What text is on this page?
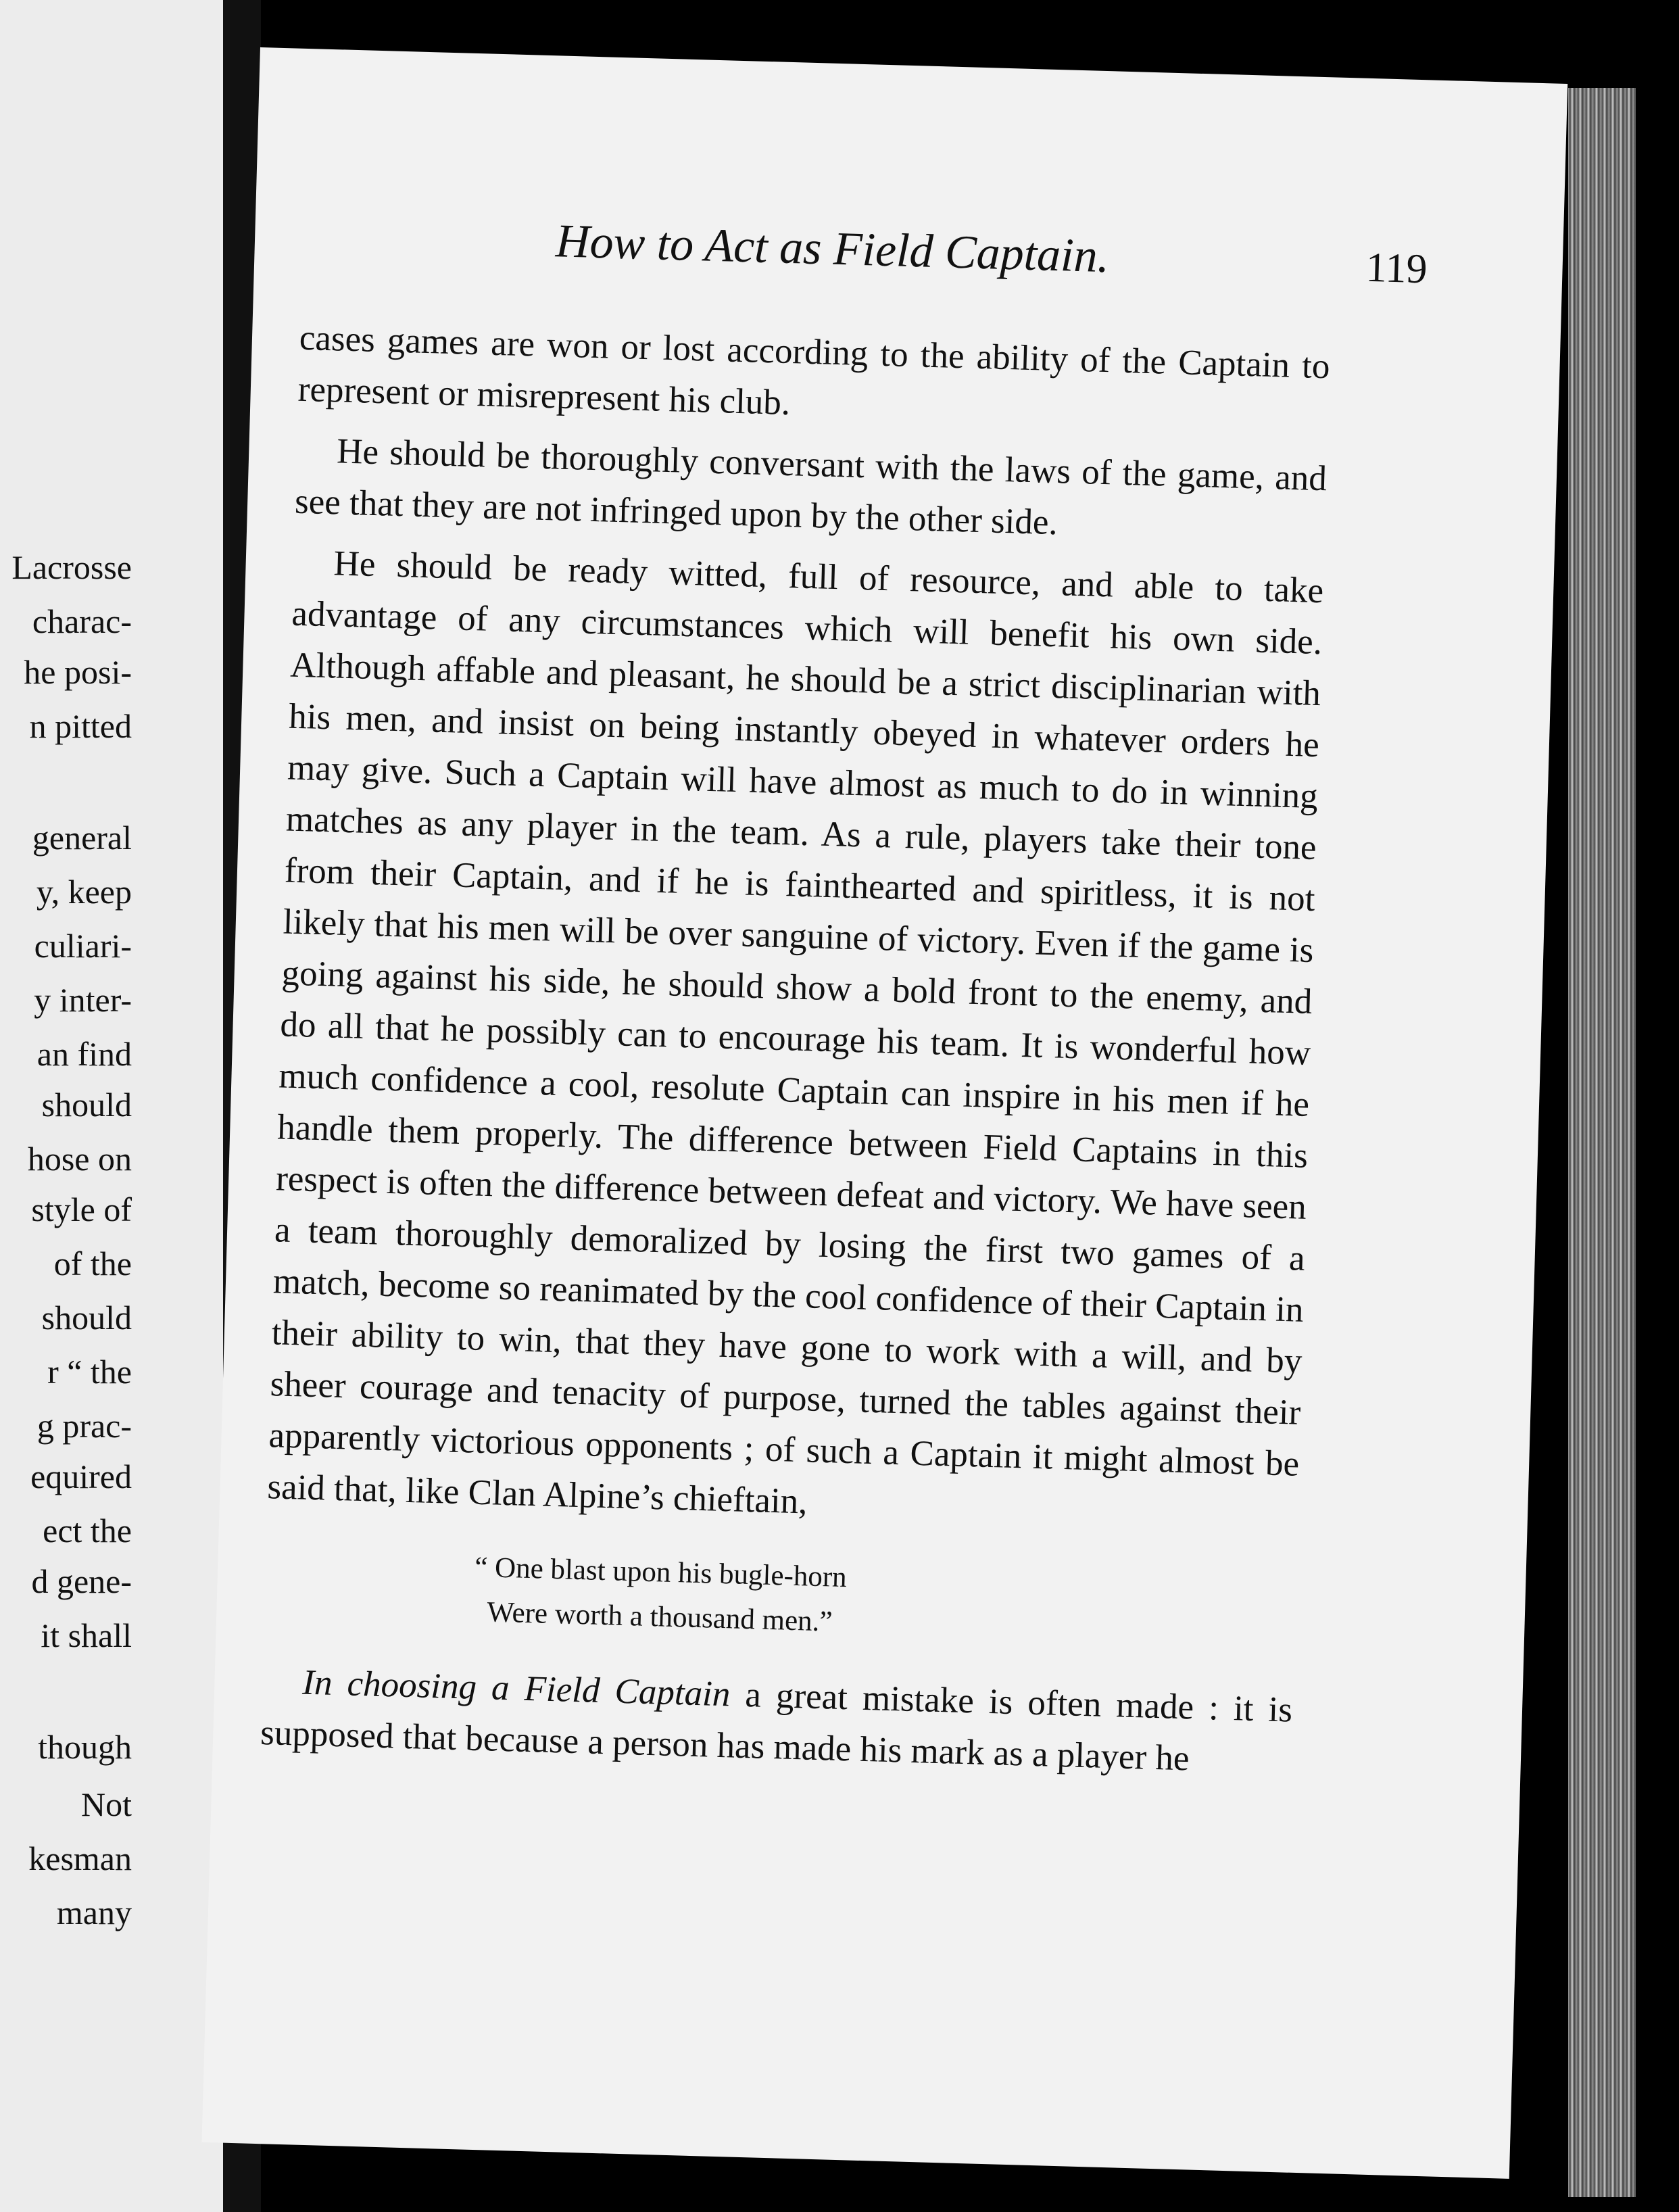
Lacrosse
charac-
he posi-
n pitted
general
y, keep
culiari-
y inter-
an find
should
hose on
style of
of the
should
r “ the
g prac-
equired
ect the
d gene-
it shall
though
Not
kesman
many
How to Act as Field Captain.	119

cases games are won or lost according to the ability of the Captain to represent or misrepresent his club.

He should be thoroughly conversant with the laws of the game, and see that they are not infringed upon by the other side.

He should be ready witted, full of resource, and able to take advantage of any circumstances which will benefit his own side. Although affable and pleasant, he should be a strict disciplinarian with his men, and insist on being instantly obeyed in whatever orders he may give. Such a Captain will have almost as much to do in winning matches as any player in the team. As a rule, players take their tone from their Captain, and if he is fainthearted and spiritless, it is not likely that his men will be over sanguine of victory. Even if the game is going against his side, he should show a bold front to the enemy, and do all that he possibly can to encourage his team. It is wonderful how much confidence a cool, resolute Captain can inspire in his men if he handle them properly. The difference between Field Captains in this respect is often the difference between defeat and victory. We have seen a team thoroughly demoralized by losing the first two games of a match, become so reanimated by the cool confidence of their Captain in their ability to win, that they have gone to work with a will, and by sheer courage and tenacity of purpose, turned the tables against their apparently victorious opponents ; of such a Captain it might almost be said that, like Clan Alpine’s chieftain,

“ One blast upon his bugle-horn
Were worth a thousand men.”

In choosing a Field Captain a great mistake is often made : it is supposed that because a person has made his mark as a player he
